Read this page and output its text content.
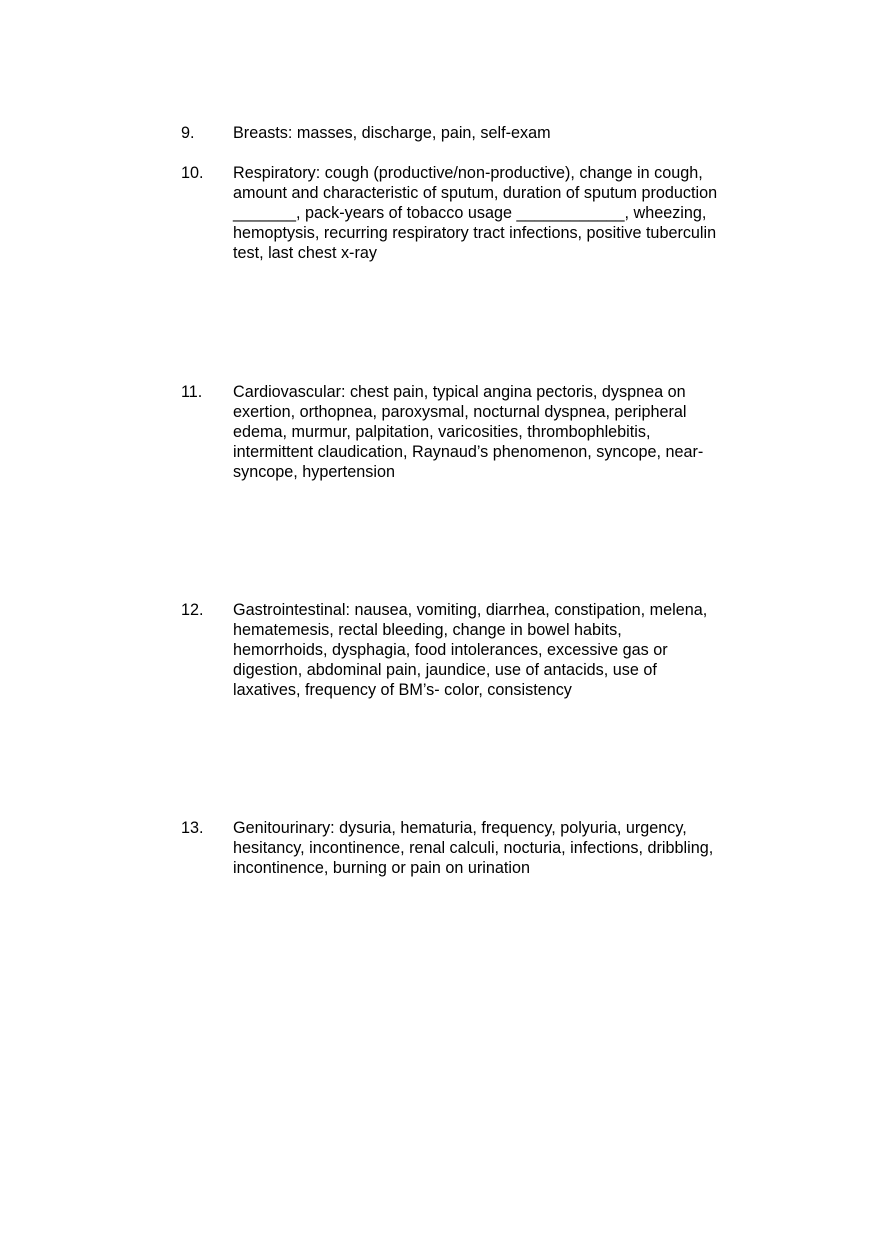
9. Breasts: masses, discharge, pain, self-exam
10. Respiratory: cough (productive/non-productive), change in cough,
amount and characteristic of sputum, duration of sputum production
_______, pack-years of tobacco usage ____________, wheezing,
hemoptysis, recurring respiratory tract infections, positive tuberculin
test, last chest x-ray
11. Cardiovascular: chest pain, typical angina pectoris, dyspnea on
exertion, orthopnea, paroxysmal, nocturnal dyspnea, peripheral
edema, murmur, palpitation, varicosities, thrombophlebitis,
intermittent claudication, Raynaud’s phenomenon, syncope, near-
syncope, hypertension
12. Gastrointestinal: nausea, vomiting, diarrhea, constipation, melena,
hematemesis, rectal bleeding, change in bowel habits,
hemorrhoids, dysphagia, food intolerances, excessive gas or
digestion, abdominal pain, jaundice, use of antacids, use of
laxatives, frequency of BM’s- color, consistency
13. Genitourinary: dysuria, hematuria, frequency, polyuria, urgency,
hesitancy, incontinence, renal calculi, nocturia, infections, dribbling,
incontinence, burning or pain on urination
